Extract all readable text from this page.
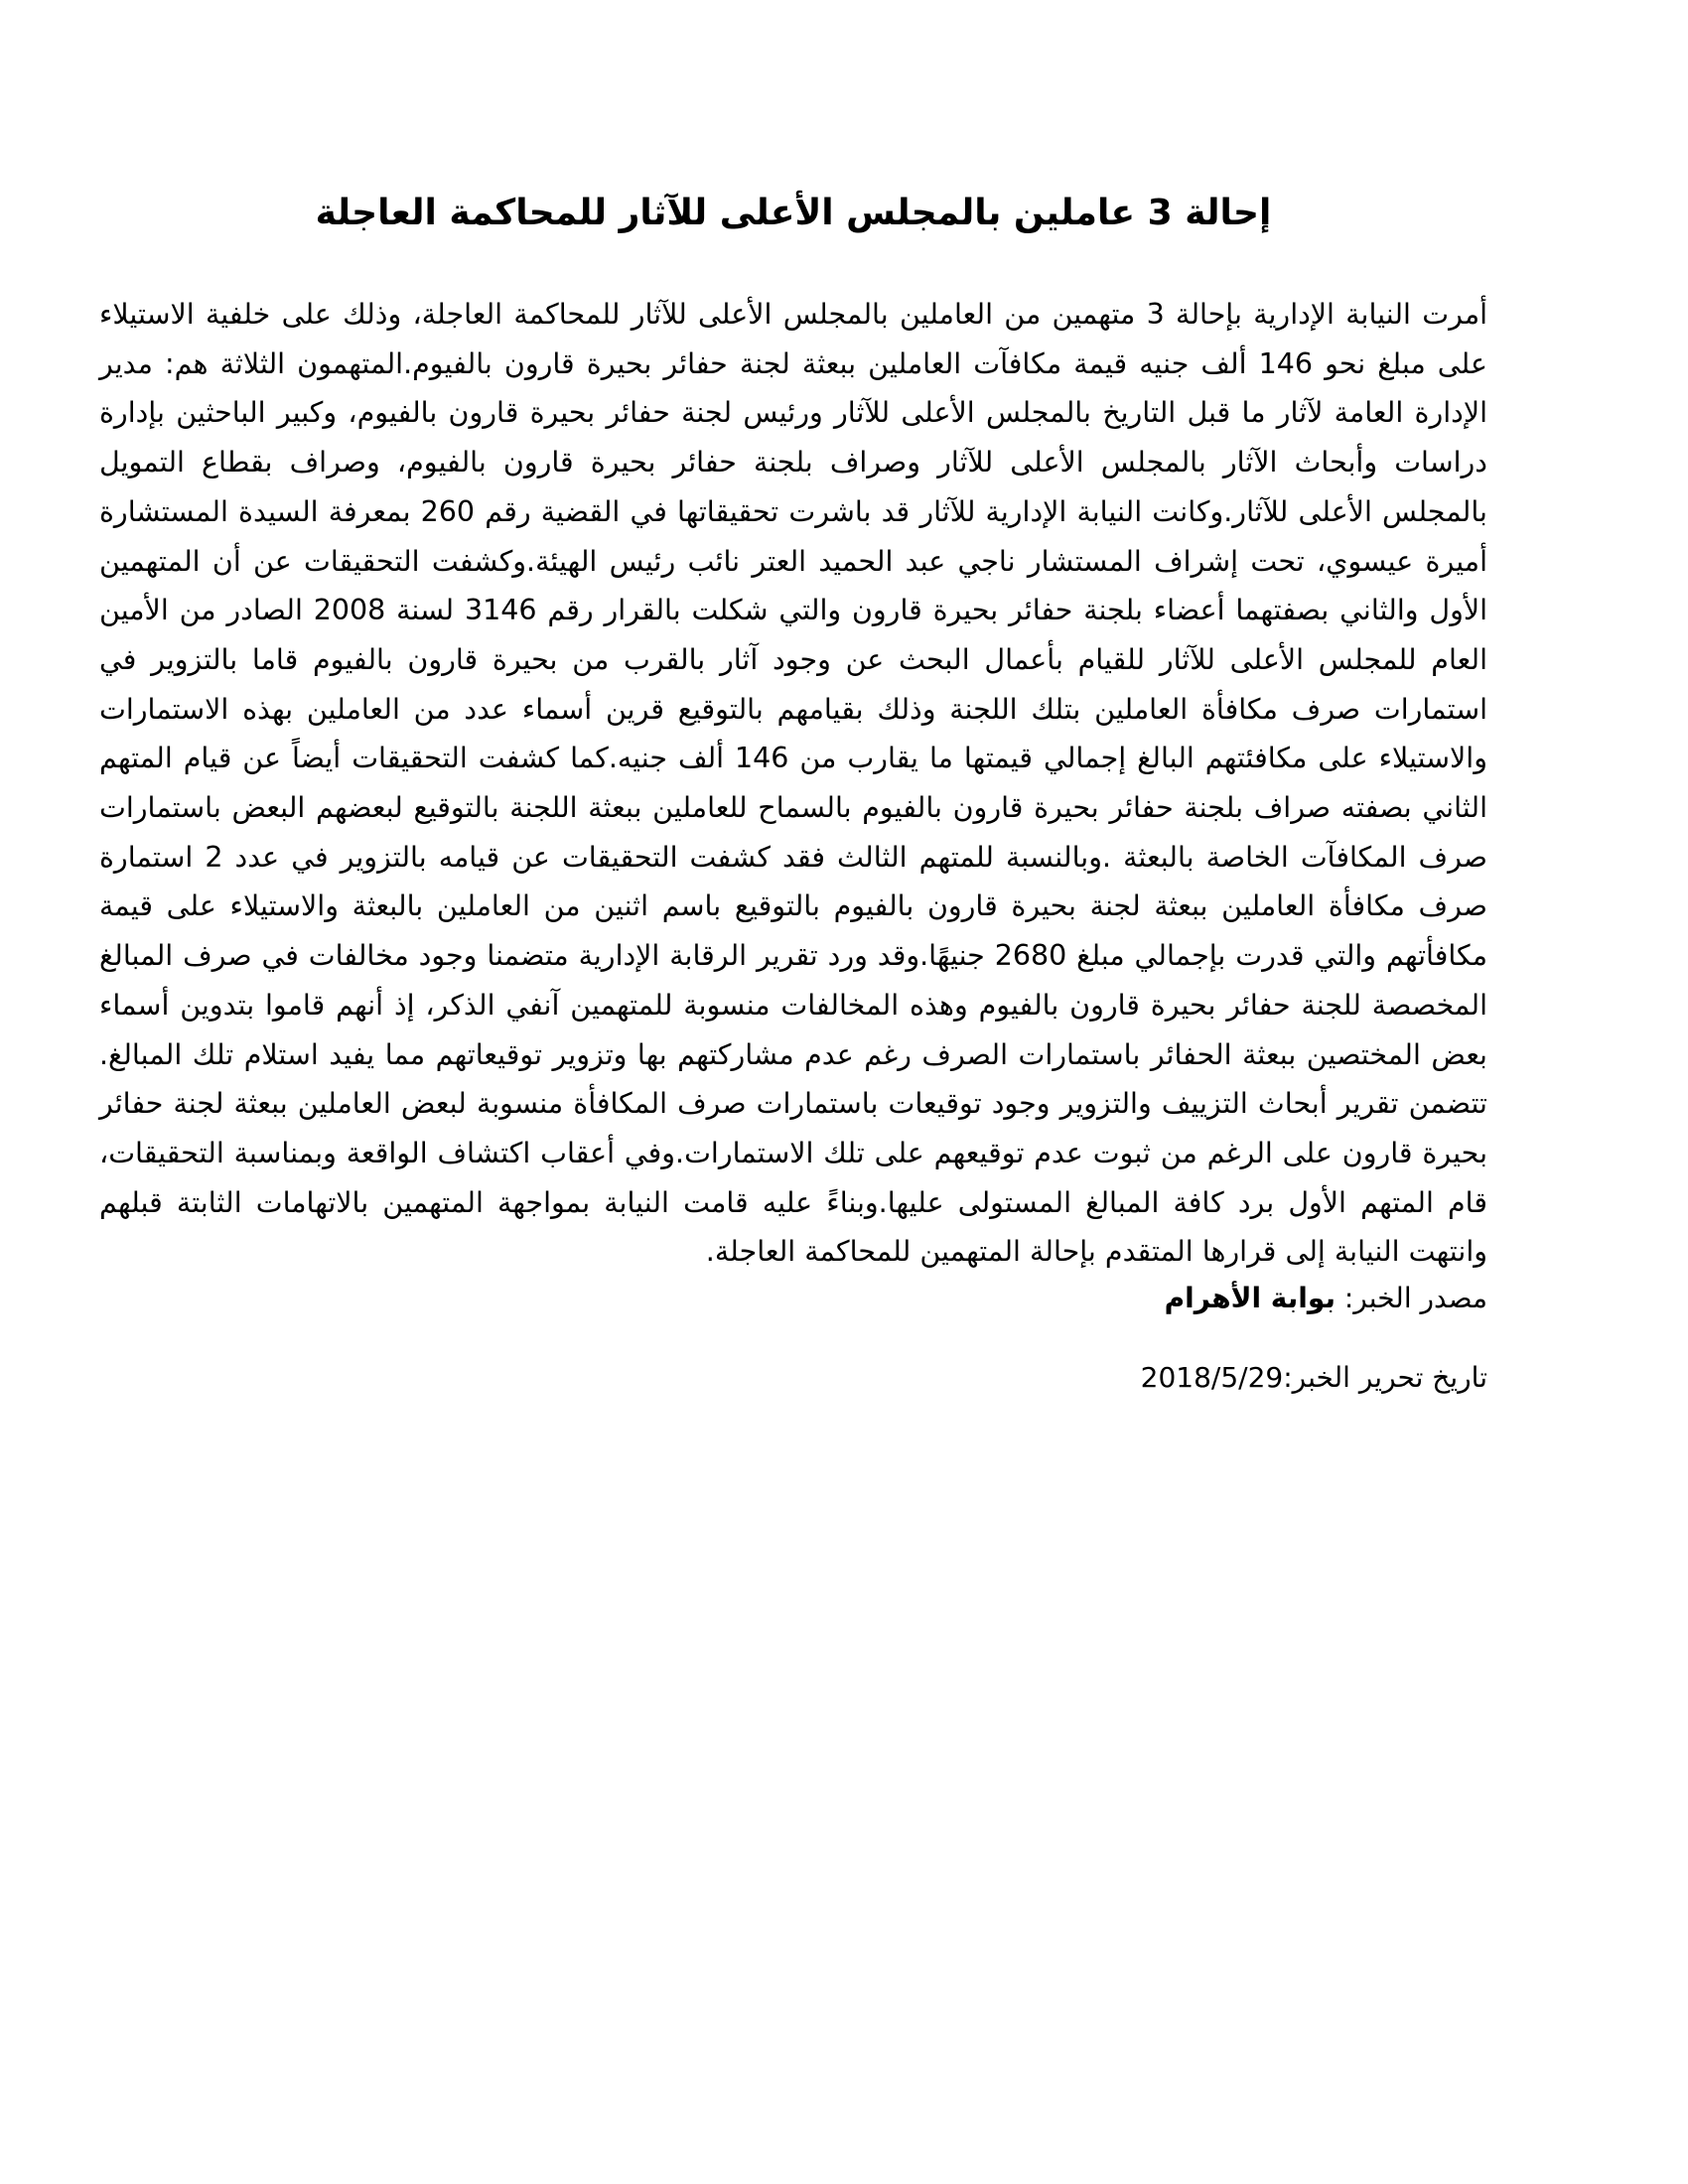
إحالة 3 عاملين بالمجلس الأعلى للآثار للمحاكمة العاجلة

أمرت النيابة الإدارية بإحالة 3 متهمين من العاملين بالمجلس الأعلى للآثار للمحاكمة العاجلة، وذلك على خلفية الاستيلاء على مبلغ نحو 146 ألف جنيه قيمة مكافآت العاملين ببعثة لجنة حفائر بحيرة قارون بالفيوم.المتهمون الثلاثة هم: مدير الإدارة العامة لآثار ما قبل التاريخ بالمجلس الأعلى للآثار ورئيس لجنة حفائر بحيرة قارون بالفيوم، وكبير الباحثين بإدارة دراسات وأبحاث الآثار بالمجلس الأعلى للآثار وصراف بلجنة حفائر بحيرة قارون بالفيوم، وصراف بقطاع التمويل بالمجلس الأعلى للآثار.وكانت النيابة الإدارية للآثار قد باشرت تحقيقاتها في القضية رقم 260 بمعرفة السيدة المستشارة أميرة عيسوي، تحت إشراف المستشار ناجي عبد الحميد العتر نائب رئيس الهيئة.وكشفت التحقيقات عن أن المتهمين الأول والثاني بصفتهما أعضاء بلجنة حفائر بحيرة قارون والتي شكلت بالقرار رقم 3146 لسنة 2008 الصادر من الأمين العام للمجلس الأعلى للآثار للقيام بأعمال البحث عن وجود آثار بالقرب من بحيرة قارون بالفيوم قاما بالتزوير في استمارات صرف مكافأة العاملين بتلك اللجنة وذلك بقيامهم بالتوقيع قرين أسماء عدد من العاملين بهذه الاستمارات والاستيلاء على مكافئتهم البالغ إجمالي قيمتها ما يقارب من 146 ألف جنيه.كما كشفت التحقيقات أيضاً عن قيام المتهم الثاني بصفته صراف بلجنة حفائر بحيرة قارون بالفيوم بالسماح للعاملين ببعثة اللجنة بالتوقيع لبعضهم البعض باستمارات صرف المكافآت الخاصة بالبعثة .وبالنسبة للمتهم الثالث فقد كشفت التحقيقات عن قيامه بالتزوير في عدد 2 استمارة صرف مكافأة العاملين ببعثة لجنة بحيرة قارون بالفيوم بالتوقيع باسم اثنين من العاملين بالبعثة والاستيلاء على قيمة مكافأتهم والتي قدرت بإجمالي مبلغ 2680 جنيهًا.وقد ورد تقرير الرقابة الإدارية متضمنا وجود مخالفات في صرف المبالغ المخصصة للجنة حفائر بحيرة قارون بالفيوم وهذه المخالفات منسوبة للمتهمين آنفي الذكر، إذ أنهم قاموا بتدوين أسماء بعض المختصين ببعثة الحفائر باستمارات الصرف رغم عدم مشاركتهم بها وتزوير توقيعاتهم مما يفيد استلام تلك المبالغ. تتضمن تقرير أبحاث التزييف والتزوير وجود توقيعات باستمارات صرف المكافأة منسوبة لبعض العاملين ببعثة لجنة حفائر بحيرة قارون على الرغم من ثبوت عدم توقيعهم على تلك الاستمارات.وفي أعقاب اكتشاف الواقعة وبمناسبة التحقيقات، قام المتهم الأول برد كافة المبالغ المستولى عليها.وبناءً عليه قامت النيابة بمواجهة المتهمين بالاتهامات الثابتة قبلهم وانتهت النيابة إلى قرارها المتقدم بإحالة المتهمين للمحاكمة العاجلة.

مصدر الخبر: بوابة الأهرام

تاريخ تحرير الخبر:2018/5/29
